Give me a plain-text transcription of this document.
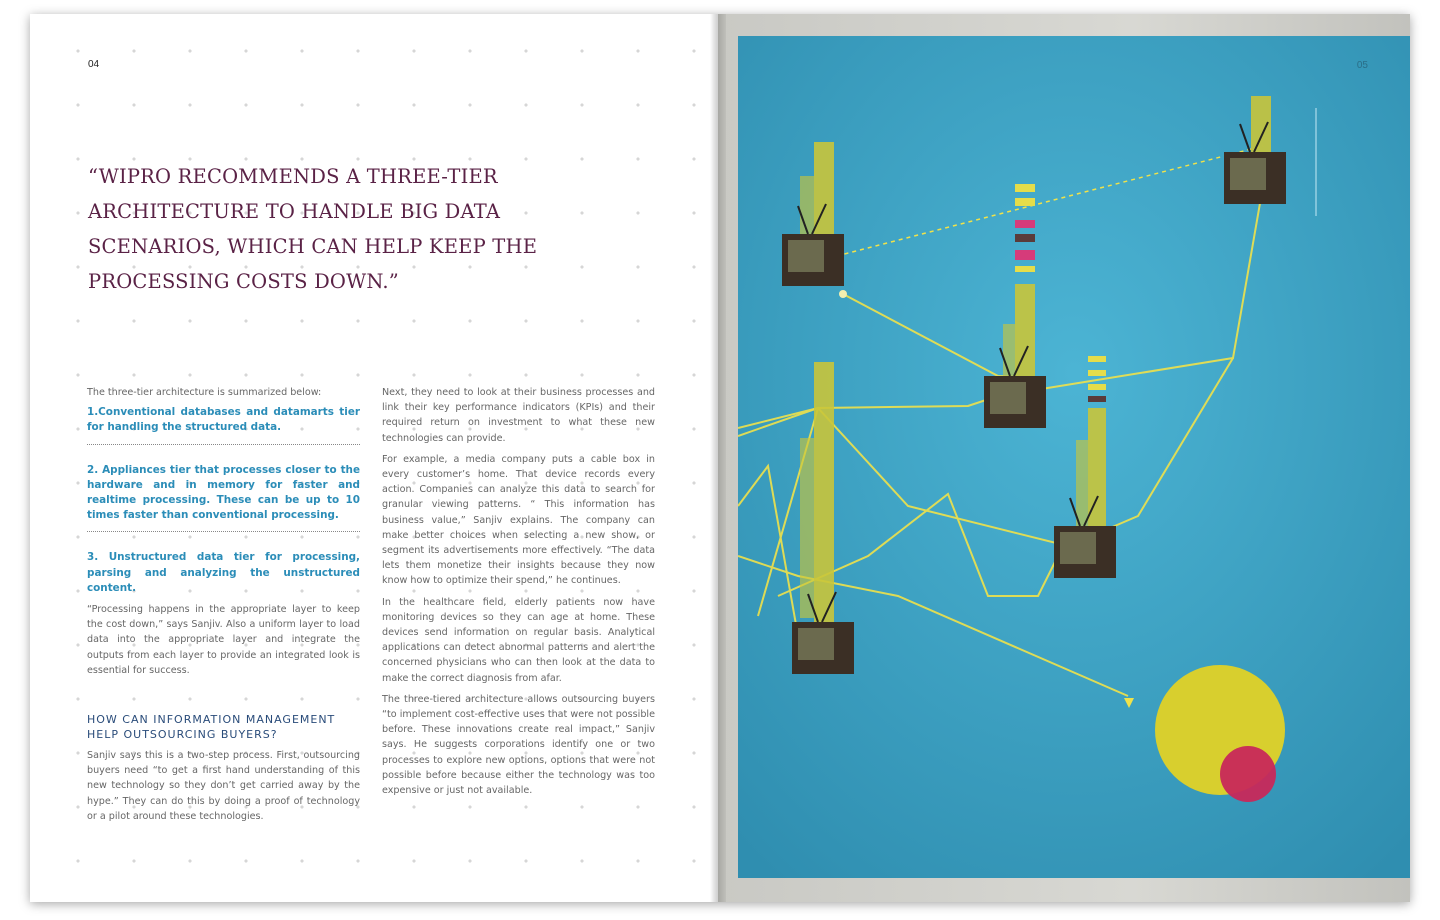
04
“WIPRO RECOMMENDS A THREE-TIER ARCHITECTURE TO HANDLE BIG DATA SCENARIOS, WHICH CAN HELP KEEP THE PROCESSING COSTS DOWN.”

The three-tier architecture is summarized below:

1.Conventional databases and datamarts tier for handling the structured data.

2. Appliances tier that processes closer to the hardware and in memory for faster and realtime processing. These can be up to 10 times faster than conventional processing.

3. Unstructured data tier for processing, parsing and analyzing the unstructured content.

“Processing happens in the appropriate layer to keep the cost down,” says Sanjiv. Also a uniform layer to load data into the appropriate layer and integrate the outputs from each layer to provide an integrated look is essential for success.

HOW CAN INFORMATION MANAGEMENT HELP OUTSOURCING BUYERS?

Sanjiv says this is a two-step process. First, outsourcing buyers need “to get a first hand understanding of this new technology so they don’t get carried away by the hype.” They can do this by doing a proof of technology or a pilot around these technologies.

Next, they need to look at their business processes and link their key performance indicators (KPIs) and their required return on investment to what these new technologies can provide.

For example, a media company puts a cable box in every customer’s home. That device records every action. Companies can analyze this data to search for granular viewing patterns. “ This information has business value,” Sanjiv explains. The company can make better choices when selecting a new show, or segment its advertisements more effectively. “The data lets them monetize their insights because they now know how to optimize their spend,” he continues.

In the healthcare field, elderly patients now have monitoring devices so they can age at home. These devices send information on regular basis. Analytical applications can detect abnormal patterns and alert the concerned physicians who can then look at the data to make the correct diagnosis from afar.

The three-tiered architecture allows outsourcing buyers “to implement cost-effective uses that were not possible before. These innovations create real impact,” Sanjiv says. He suggests corporations identify one or two processes to explore new options, options that were not possible before because either the technology was too expensive or just not available.

05
